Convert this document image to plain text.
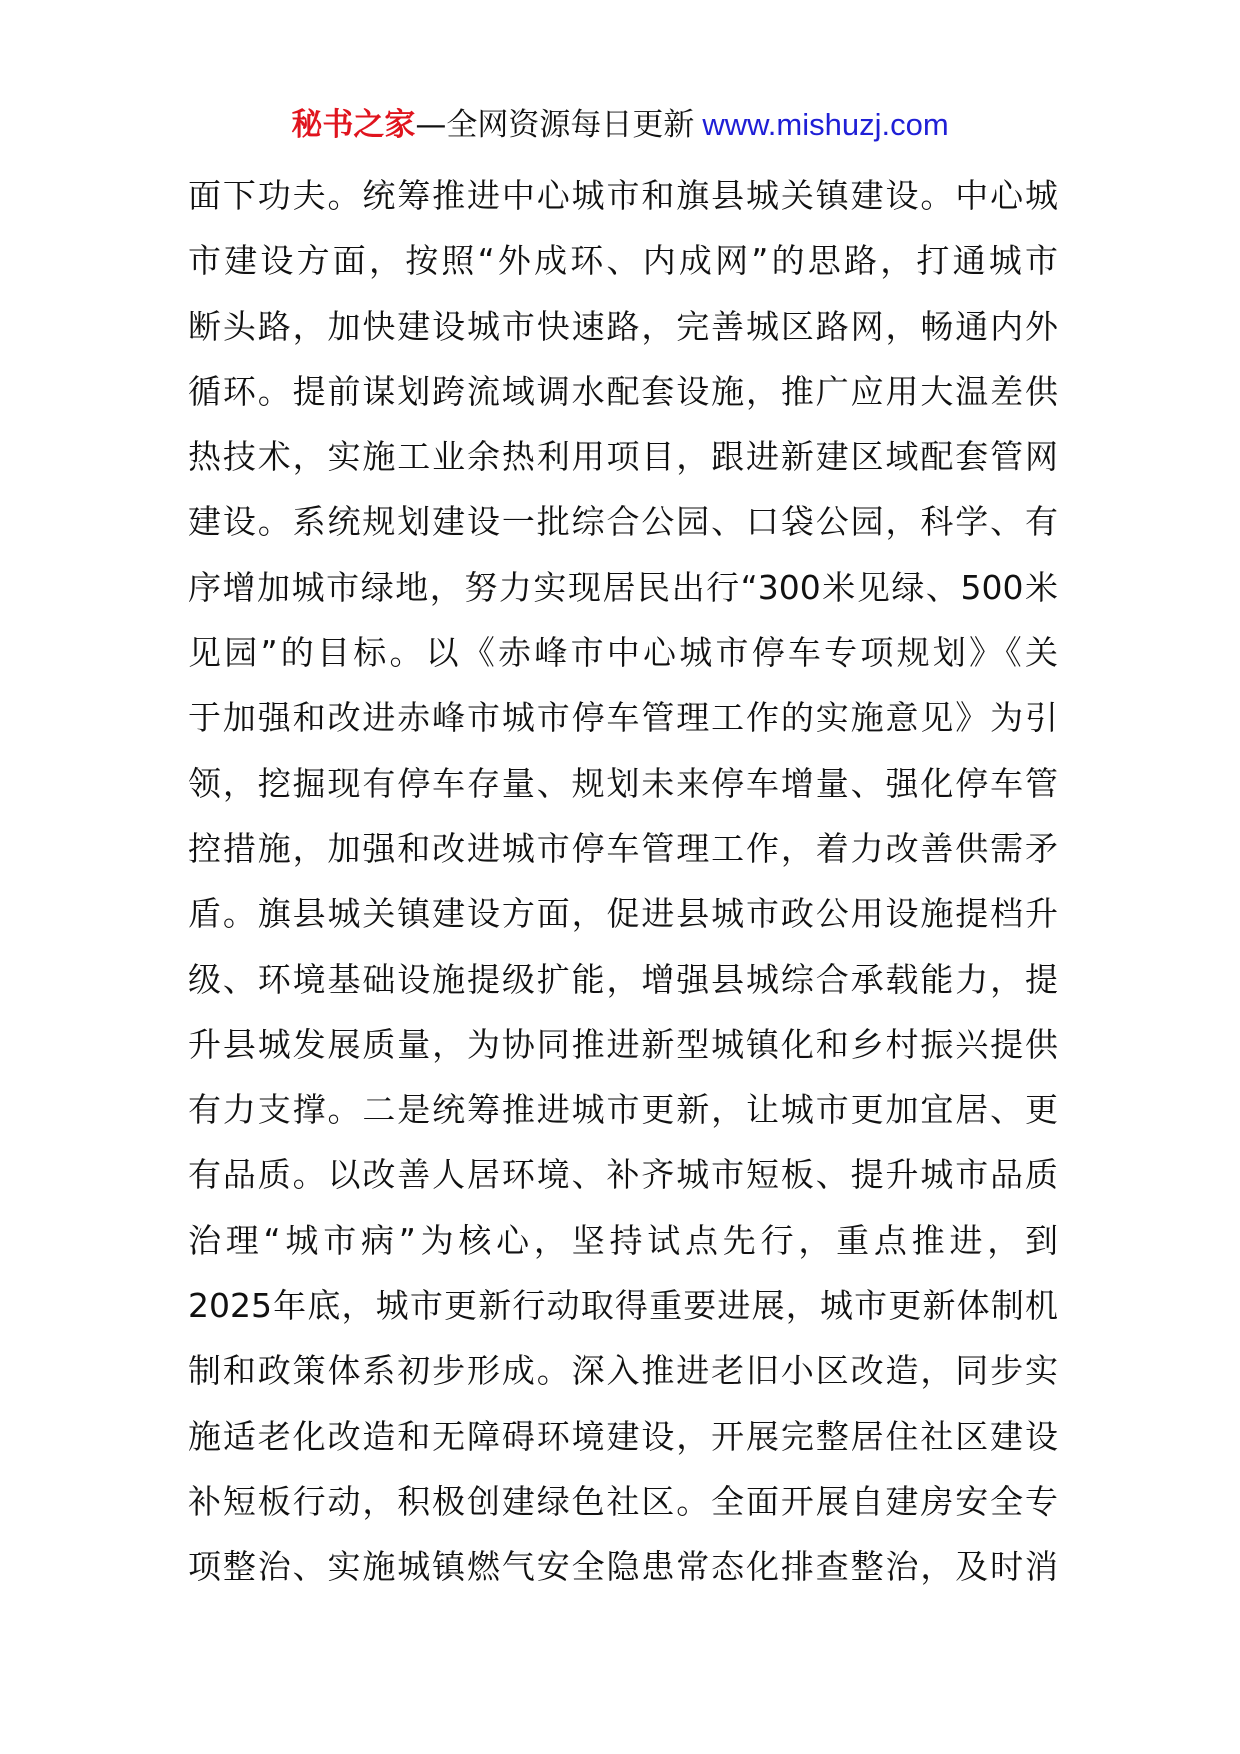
秘书之家—全网资源每日更新 www.mishuzj.com
面下功夫。统筹推进中心城市和旗县城关镇建设。中心城
市建设方面，按照“外成环、内成网”的思路，打通城市
断头路，加快建设城市快速路，完善城区路网，畅通内外
循环。提前谋划跨流域调水配套设施，推广应用大温差供
热技术，实施工业余热利用项目，跟进新建区域配套管网
建设。系统规划建设一批综合公园、口袋公园，科学、有
序增加城市绿地，努力实现居民出行“300米见绿、500米
见园”的目标。以《赤峰市中心城市停车专项规划》《关
于加强和改进赤峰市城市停车管理工作的实施意见》为引
领，挖掘现有停车存量、规划未来停车增量、强化停车管
控措施，加强和改进城市停车管理工作，着力改善供需矛
盾。旗县城关镇建设方面，促进县城市政公用设施提档升
级、环境基础设施提级扩能，增强县城综合承载能力，提
升县城发展质量，为协同推进新型城镇化和乡村振兴提供
有力支撑。二是统筹推进城市更新，让城市更加宜居、更
有品质。以改善人居环境、补齐城市短板、提升城市品质
治理“城市病”为核心，坚持试点先行，重点推进，到
2025年底，城市更新行动取得重要进展，城市更新体制机
制和政策体系初步形成。深入推进老旧小区改造，同步实
施适老化改造和无障碍环境建设，开展完整居住社区建设
补短板行动，积极创建绿色社区。全面开展自建房安全专
项整治、实施城镇燃气安全隐患常态化排查整治，及时消
